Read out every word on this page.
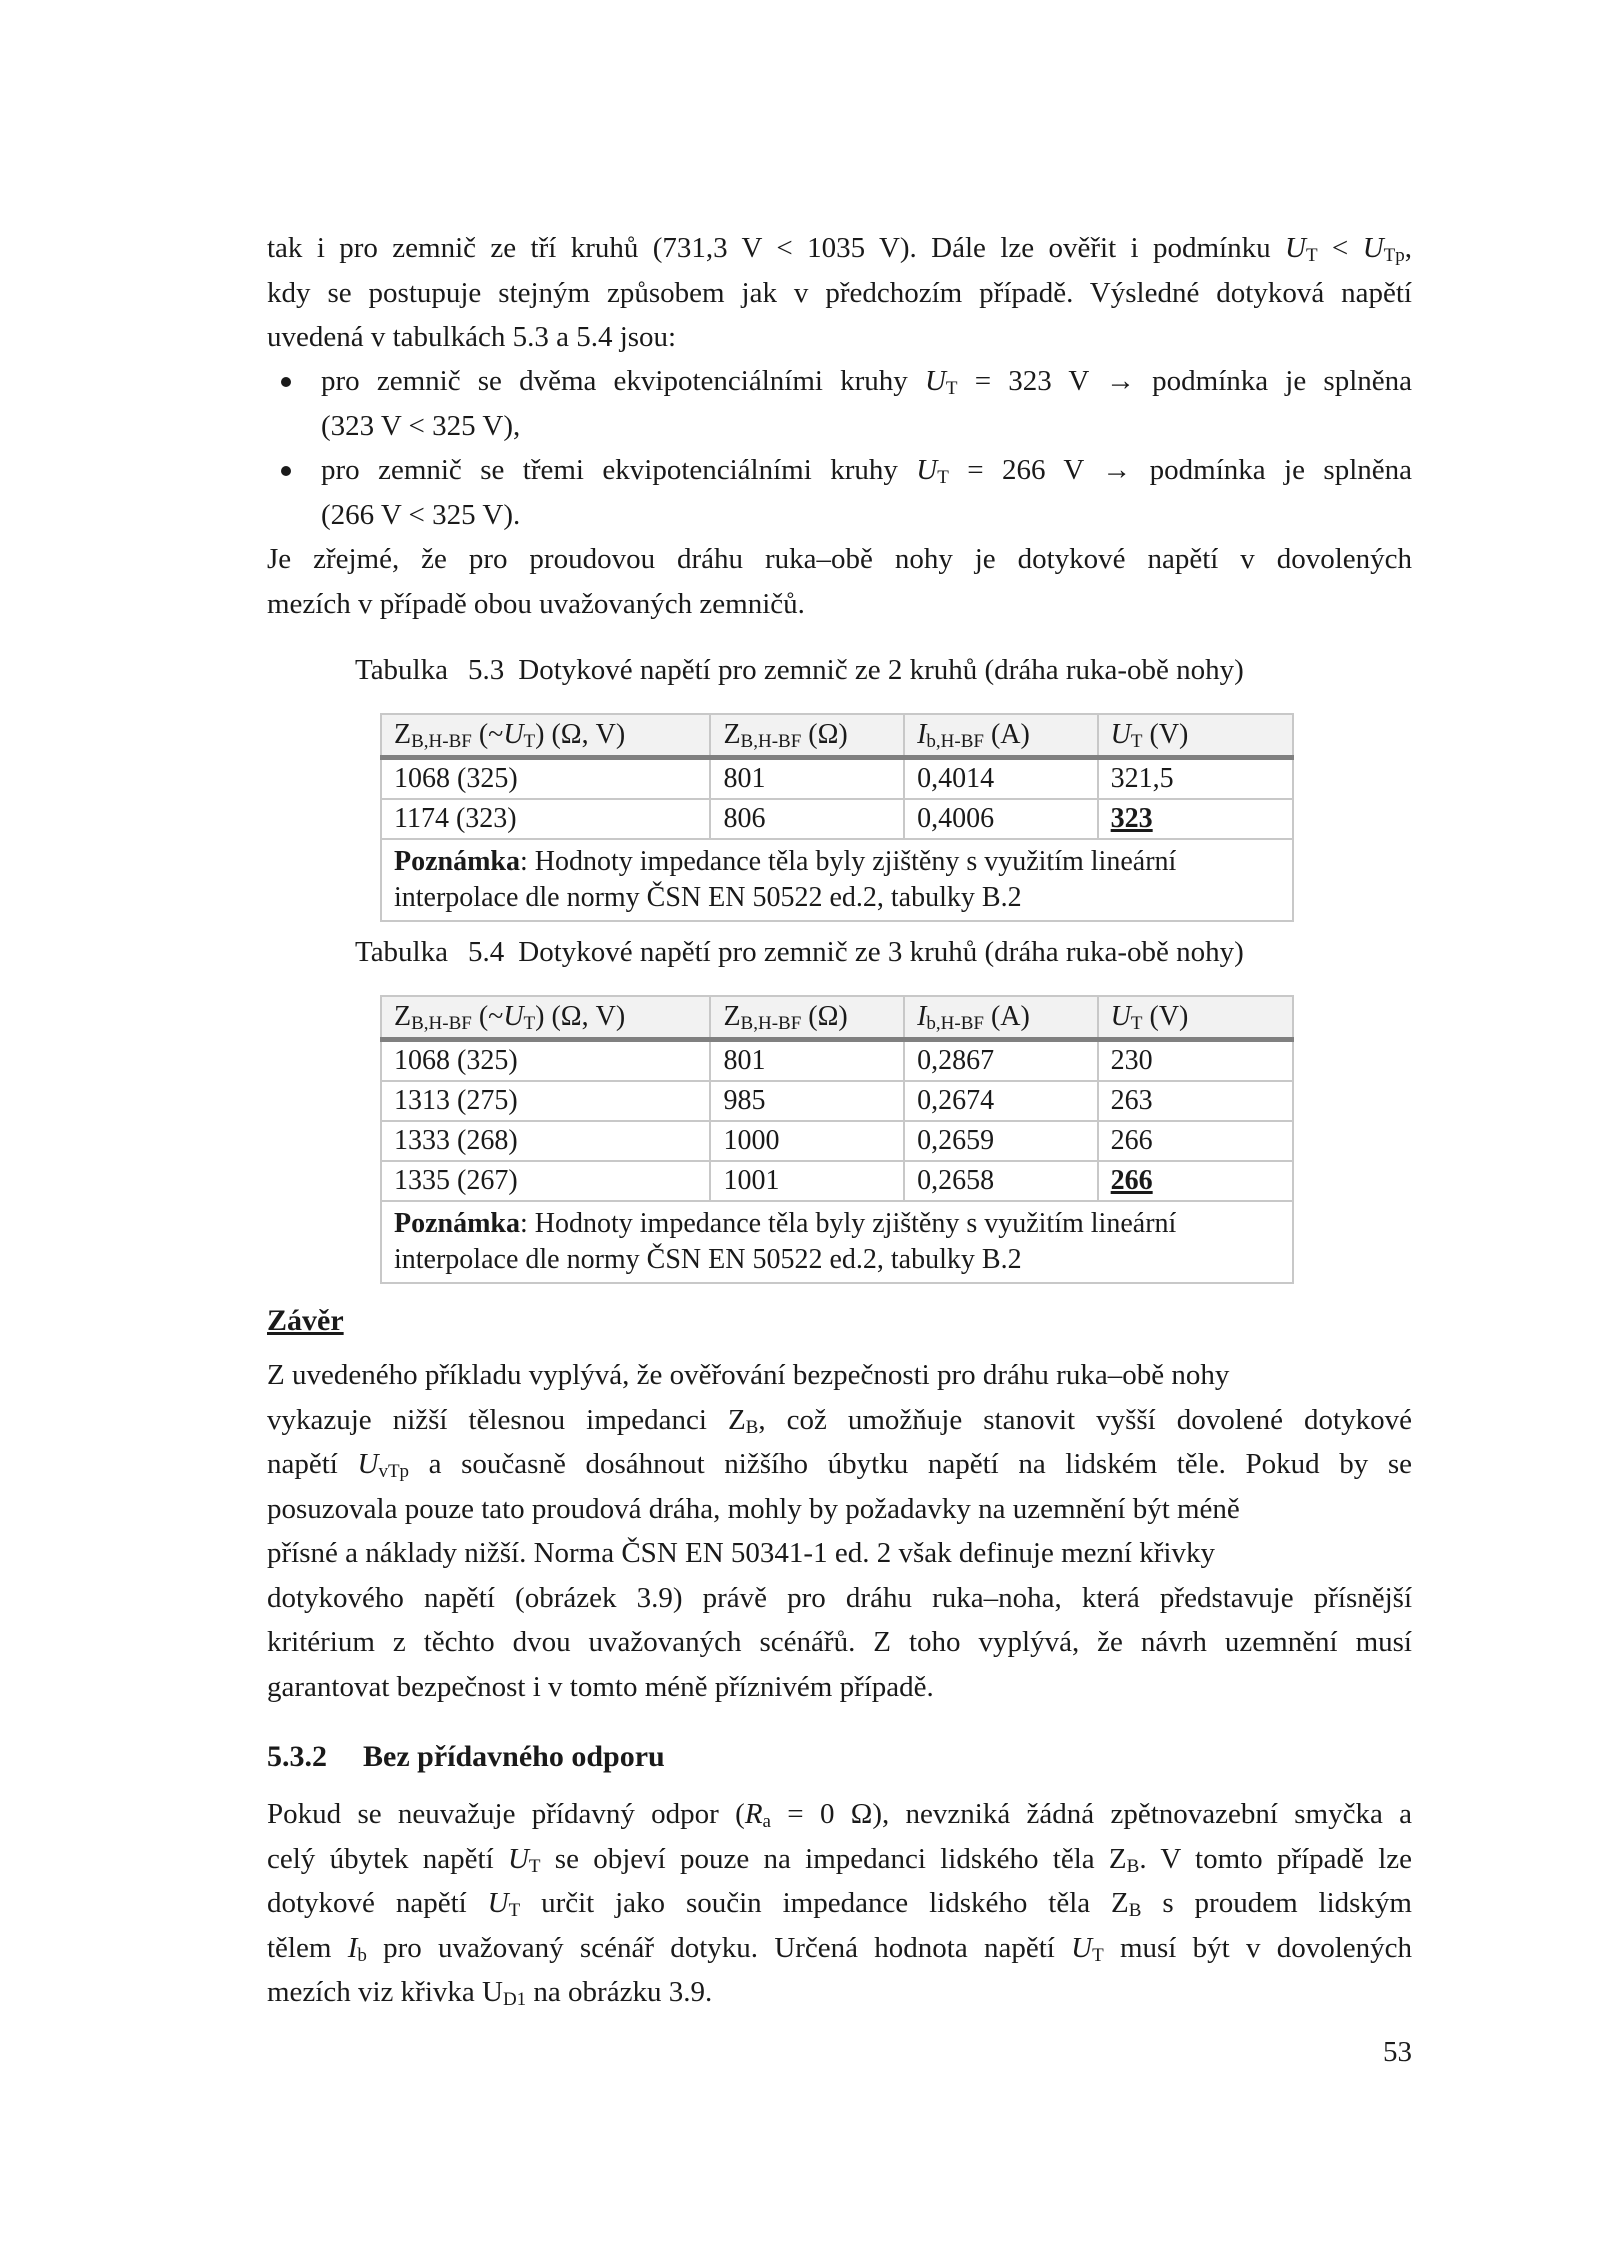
tak i pro zemnič ze tří kruhů (731,3 V < 1035 V). Dále lze ověřit i podmínku $U_T < U_{Tp}$,
kdy se postupuje stejným způsobem jak v předchozím případě. Výsledné dotyková napětí
uvedená v tabulkách 5.3 a 5.4 jsou:

pro zemnič se dvěma ekvipotenciálními kruhy $U_T = 323$ V → podmínka je splněna
(323 V < 325 V),
pro zemnič se třemi ekvipotenciálními kruhy $U_T = 266$ V → podmínka je splněna
(266 V < 325 V).

Je zřejmé, že pro proudovou dráhu ruka–obě nohy je dotykové napětí v dovolených
mezích v případě obou uvažovaných zemničů.

Tabulka 5.3 Dotykové napětí pro zemnič ze 2 kruhů (dráha ruka-obě nohy)
$Z_{B,H-BF}$ $(\sim U_T)$ (Ω, V)	$Z_{B,H-BF}$ (Ω)	$I_{b,H-BF}$ (A)	$U_T$ (V)
1068 (325)	801	0,4014	321,5
1174 (323)	806	0,4006	323
Poznámka: Hodnoty impedance těla byly zjištěny s využitím lineární interpolace dle normy ČSN EN 50522 ed.2, tabulky B.2			
Tabulka 5.4 Dotykové napětí pro zemnič ze 3 kruhů (dráha ruka-obě nohy)
$Z_{B,H-BF}$ $(\sim U_T)$ (Ω, V)	$Z_{B,H-BF}$ (Ω)	$I_{b,H-BF}$ (A)	$U_T$ (V)
1068 (325)	801	0,2867	230
1313 (275)	985	0,2674	263
1333 (268)	1000	0,2659	266
1335 (267)	1001	0,2658	266
Poznámka: Hodnoty impedance těla byly zjištěny s využitím lineární interpolace dle normy ČSN EN 50522 ed.2, tabulky B.2			
Závěr

Z uvedeného příkladu vyplývá, že ověřování bezpečnosti pro dráhu ruka–obě nohy
vykazuje nižší tělesnou impedanci $Z_B$, což umožňuje stanovit vyšší dovolené dotykové
napětí $U_{vTp}$ a současně dosáhnout nižšího úbytku napětí na lidském těle. Pokud by se
posuzovala pouze tato proudová dráha, mohly by požadavky na uzemnění být méně
přísné a náklady nižší. Norma ČSN EN 50341-1 ed. 2 však definuje mezní křivky
dotykového napětí (obrázek 3.9) právě pro dráhu ruka–noha, která představuje přísnější
kritérium z těchto dvou uvažovaných scénářů. Z toho vyplývá, že návrh uzemnění musí
garantovat bezpečnost i v tomto méně příznivém případě.

5.3.2 Bez přídavného odporu

Pokud se neuvažuje přídavný odpor ($R_a = 0$ Ω), nevzniká žádná zpětnovazební smyčka a
celý úbytek napětí $U_T$ se objeví pouze na impedanci lidského těla $Z_B$. V tomto případě lze
dotykové napětí $U_T$ určit jako součin impedance lidského těla $Z_B$ s proudem lidským
tělem $I_b$ pro uvažovaný scénář dotyku. Určená hodnota napětí $U_T$ musí být v dovolených
mezích viz křivka $U_{D1}$ na obrázku 3.9.

53
